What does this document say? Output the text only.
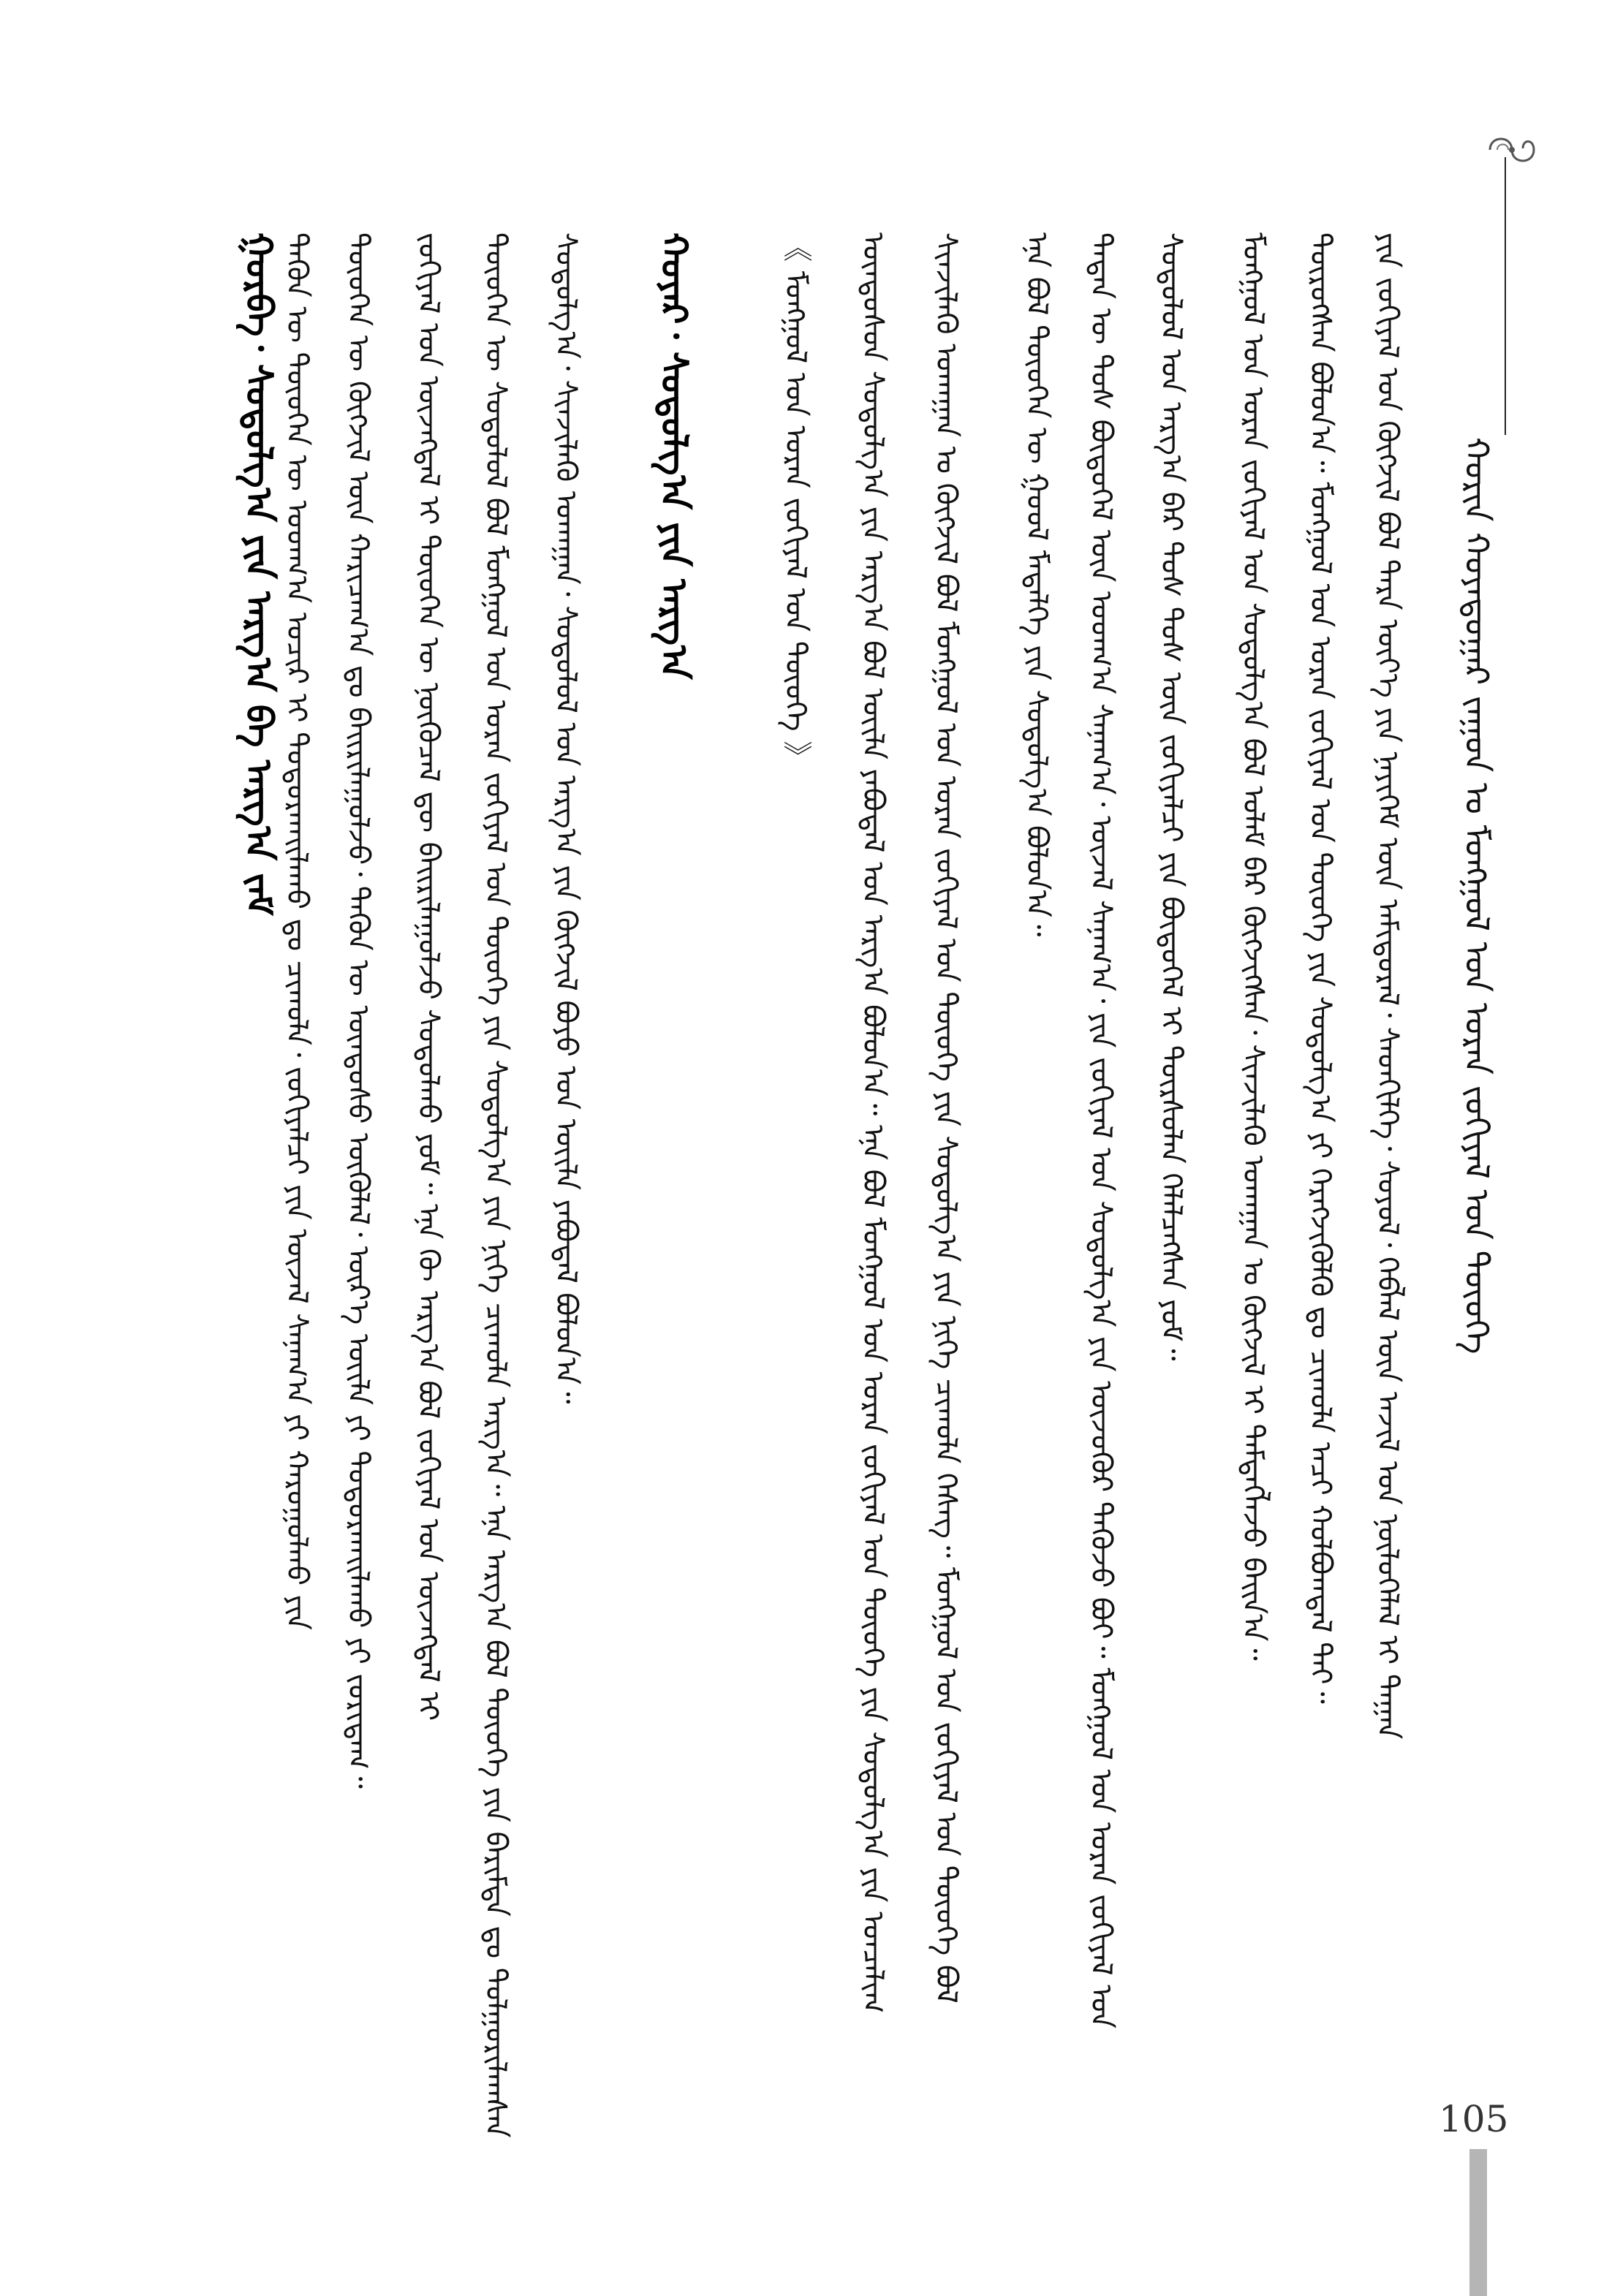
ᠬᠣᠷᠢᠨ ᠬᠣᠶᠠᠳᠤᠭᠠᠷ ᠵᠠᠭᠤᠨ ᠤ ᠮᠣᠩᠭᠣᠯ ᠤᠨ ᠤᠷᠠᠨ ᠵᠣᠬᠢᠶᠠᠯ ᠤᠨ ᠲᠦᠦᠬᠡ
ᠶᠢᠨ ᠵᠣᠬᠢᠶᠠᠯ ᠤᠨ ᠬᠥᠭᠵᠢᠯ ᠪᠣᠯ ᠲᠡᠷᠡ ᠦᠶ᠎ᠡ ᠶᠢᠨ ᠨᠡᠶᠢᠭᠡᠮ ᠦᠨ ᠠᠮᠢᠳᠤᠷᠠᠯ᠂ ᠰᠡᠳᠬᠢᠯᠭᠡ᠂ ᠰᠣᠶᠣᠯ᠂ ᠬᠡᠪᠯᠡᠯ ᠦᠨ ᠠᠵᠢᠯ ᠤᠨ ᠨᠥᠯᠦᠭᠡᠯᠡᠯ ᠢ ᠳᠠᠭᠠᠨ
ᠲᠥᠷᠦᠭᠰᠡᠨ ᠪᠣᠯᠤᠨ᠎ᠠ᠃ ᠮᠣᠩᠭᠣᠯ ᠤᠨ ᠤᠷᠠᠨ ᠵᠣᠬᠢᠶᠠᠯ ᠤᠨ ᠲᠦᠦᠬᠡ ᠶᠢᠨ ᠰᠤᠳᠤᠯᠭ᠎ᠠ ᠶᠢ ᠬᠡᠷᠡᠭᠵᠢᠭᠦᠯᠬᠦ ᠳᠤ ᠴᠢᠬᠤᠯᠠ ᠠᠴᠢ ᠬᠣᠯᠪᠣᠭᠳᠠᠯ ᠲᠠᠢ᠃
ᠮᠣᠩᠭᠣᠯ ᠤᠨ ᠤᠷᠠᠨ ᠵᠣᠬᠢᠶᠠᠯ ᠤᠨ ᠰᠤᠳᠤᠯᠭ᠎ᠠ ᠪᠣᠯ ᠤᠯᠠᠮ ᠪᠡᠷ ᠬᠥᠭᠵᠢᠭᠰᠡᠨ᠂ ᠰᠢᠨᠵᠢᠯᠡᠬᠦ ᠤᠬᠠᠭᠠᠨ ᠤ ᠬᠥᠭᠵᠢᠯ ᠢ ᠲᠡᠮᠳᠡᠭᠯᠡᠵᠦ ᠪᠠᠢᠨ᠎ᠠ᠃
ᠰᠤᠳᠤᠯᠤᠯ ᠤᠨ ᠠᠷᠭ᠎ᠠ ᠪᠠᠷ ᠲᠤᠰ ᠲᠤᠰ ᠦᠨ ᠵᠣᠬᠢᠶᠠᠯᠴᠢ ᠶᠢᠨ ᠪᠦᠲᠦᠭᠡᠯ ᠢ ᠳᠦᠷᠰᠦᠯᠡᠨ ᠬᠡᠯᠡᠯᠴᠡᠭᠰᠡᠨ ᠶᠤᠮ᠃
ᠲᠡᠳᠡᠨ ᠦ ᠲᠤᠰ ᠪᠦᠲᠦᠭᠡᠯ ᠦᠨ ᠤᠳᠬ᠎ᠠ ᠰᠠᠨᠠᠭ᠎ᠠ᠂ ᠦᠵᠡᠯ ᠰᠠᠨᠠᠭ᠎ᠠ᠂ ᠶᠢᠨ ᠵᠣᠬᠢᠶᠠᠯ ᠤᠨ ᠰᠤᠳᠤᠯᠭ᠎ᠠ ᠶᠢᠨ ᠦᠵᠦᠭᠦᠷ ᠲᠡᠭᠦᠵᠦ ᠪᠤᠢ᠃ ᠮᠣᠩᠭᠣᠯ ᠤᠨ ᠤᠷᠠᠨ ᠵᠣᠬᠢᠶᠠᠯ ᠤᠨ
ᠡᠨᠡ ᠪᠣᠯ ᠲᠦᠦᠬᠡᠨ ᠦ ᠭᠣᠣᠯ ᠮᠡᠳᠡᠯᠭᠡ ᠶᠢᠨ ᠰᠤᠳᠤᠯᠭ᠎ᠠ ᠪᠣᠯᠤᠨ᠎ᠠ᠃
ᠰᠢᠨᠵᠢᠯᠡᠬᠦ ᠤᠬᠠᠭᠠᠨ ᠤ ᠬᠥᠭᠵᠢᠯ ᠪᠣᠯ ᠮᠣᠩᠭᠣᠯ ᠤᠨ ᠤᠷᠠᠨ ᠵᠣᠬᠢᠶᠠᠯ ᠤᠨ ᠲᠦᠦᠬᠡ ᠶᠢᠨ ᠰᠤᠳᠤᠯᠭ᠎ᠠ ᠶᠢᠨ ᠨᠢᠭᠡ ᠴᠢᠬᠤᠯᠠ ᠬᠡᠰᠡᠭ᠃ ᠮᠣᠩᠭᠣᠯ ᠤᠨ ᠵᠣᠬᠢᠶᠠᠯ ᠤᠨ ᠲᠦᠦᠬᠡ ᠪᠣᠯ
ᠦᠨᠳᠦᠰᠦᠨ ᠰᠤᠳᠤᠯᠭ᠎ᠠ ᠶᠢᠨ ᠠᠷᠭ᠎ᠠ ᠪᠣᠯ ᠦᠢᠯᠡ ᠶᠠᠪᠤᠳᠠᠯ ᠤᠨ ᠠᠷᠭ᠎ᠠ ᠪᠣᠯᠤᠨ᠎ᠠ᠃ ᠡᠨᠡ ᠪᠣᠯ ᠮᠣᠩᠭᠣᠯ ᠤᠨ ᠤᠷᠠᠨ ᠵᠣᠬᠢᠶᠠᠯ ᠤᠨ ᠲᠦᠦᠬᠡ ᠶᠢᠨ ᠰᠤᠳᠤᠯᠭ᠎ᠠ ᠶᠢᠨ ᠣᠨᠴᠠᠯᠢᠭ
《 ᠮᠣᠩᠭᠣᠯ ᠤᠨ ᠤᠷᠠᠨ ᠵᠣᠬᠢᠶᠠᠯ ᠤᠨ ᠲᠦᠦᠬᠡ 》
ᠬᠣᠶᠠᠷ᠂ ᠰᠤᠳᠤᠯᠭ᠎ᠠ ᠶᠢᠨ ᠠᠷᠭ᠎ᠠ
ᠰᠤᠳᠤᠯᠭ᠎ᠠ᠂ ᠰᠢᠨᠵᠢᠯᠡᠬᠦ ᠤᠬᠠᠭᠠᠨ᠂ ᠰᠤᠳᠤᠯᠤᠯ ᠤᠨ ᠠᠷᠭ᠎ᠠ ᠶᠢᠨ ᠬᠥᠭᠵᠢᠯ ᠪᠤᠶᠤ ᠤᠨ ᠦᠢᠯᠡ ᠶᠠᠪᠤᠳᠠᠯ ᠪᠣᠯᠤᠨ᠎ᠠ᠃
ᠲᠦᠦᠬᠡᠨ ᠦ ᠰᠤᠳᠤᠯᠤᠯ ᠪᠣᠯ ᠮᠣᠩᠭᠣᠯ ᠤᠨ ᠤᠷᠠᠨ ᠵᠣᠬᠢᠶᠠᠯ ᠤᠨ ᠲᠦᠦᠬᠡ ᠶᠢᠨ ᠰᠤᠳᠤᠯᠭ᠎ᠠ ᠶᠢᠨ ᠨᠢᠭᠡ ᠴᠢᠬᠤᠯᠠ ᠠᠷᠭ᠎ᠠ᠃ ᠡᠨᠡ ᠠᠷᠭ᠎ᠠ ᠪᠣᠯ ᠲᠦᠦᠬᠡ ᠶᠢᠨ ᠪᠠᠷᠢᠮᠲᠠ ᠳᠤ ᠲᠤᠯᠭᠤᠷᠢᠯᠠᠭᠰᠠᠨ
ᠵᠣᠬᠢᠶᠠᠯ ᠤᠨ ᠦᠵᠡᠭᠳᠡᠯ ᠢ ᠲᠦᠦᠬᠡᠨ ᠦ ᠨᠥᠬᠥᠴᠡᠯ ᠳᠦ ᠪᠠᠢᠷᠢᠯᠠᠭᠤᠯᠵᠤ ᠰᠤᠳᠤᠯᠬᠤ ᠶᠤᠮ᠃ ᠡᠨᠡ ᠬᠦ ᠠᠷᠭ᠎ᠠ ᠪᠣᠯ ᠵᠣᠬᠢᠶᠠᠯ ᠤᠨ ᠦᠵᠡᠭᠳᠡᠯ ᠢ
ᠲᠦᠦᠬᠡᠨ ᠦ ᠬᠥᠭᠵᠢᠯ ᠦᠨ ᠬᠠᠷᠢᠴᠠᠭ᠎ᠠ ᠳᠤ ᠪᠠᠢᠷᠢᠯᠠᠭᠤᠯᠵᠤ᠂ ᠲᠡᠭᠦᠨ ᠦ ᠦᠨᠳᠦᠰᠦ ᠦᠬᠦᠯᠡᠯ᠂ ᠦᠷ᠎ᠡ ᠦᠢᠯᠡ ᠶᠢ ᠲᠣᠳᠣᠷᠬᠠᠢᠯᠠᠬᠤ ᠶᠢ ᠵᠣᠷᠢᠳᠠᠭ᠃
ᠲᠡᠭᠦᠨ ᠦ ᠲᠦᠦᠬᠡᠨ ᠦ ᠤᠳᠬ᠎ᠠ ᠤᠴᠢᠷ ᠢ ᠲᠣᠳᠣᠷᠬᠠᠢᠯᠠᠬᠤ ᠳᠤ ᠴᠢᠬᠤᠯᠠ᠂ ᠵᠣᠬᠢᠶᠠᠯᠴᠢ ᠶᠢᠨ ᠦᠵᠡᠯ ᠰᠠᠨᠠᠭ᠎ᠠ ᠶᠢ ᠬᠠᠷᠤᠭᠤᠯᠬᠤ ᠶᠢᠨ
ᠭᠤᠷᠪᠠ᠂ ᠰᠤᠳᠤᠯᠭ᠎ᠠ ᠶᠢᠨ ᠠᠷᠭ᠎ᠠ ᠪᠠ ᠠᠷᠭ᠎ᠠ ᠵᠠᠮ
105
